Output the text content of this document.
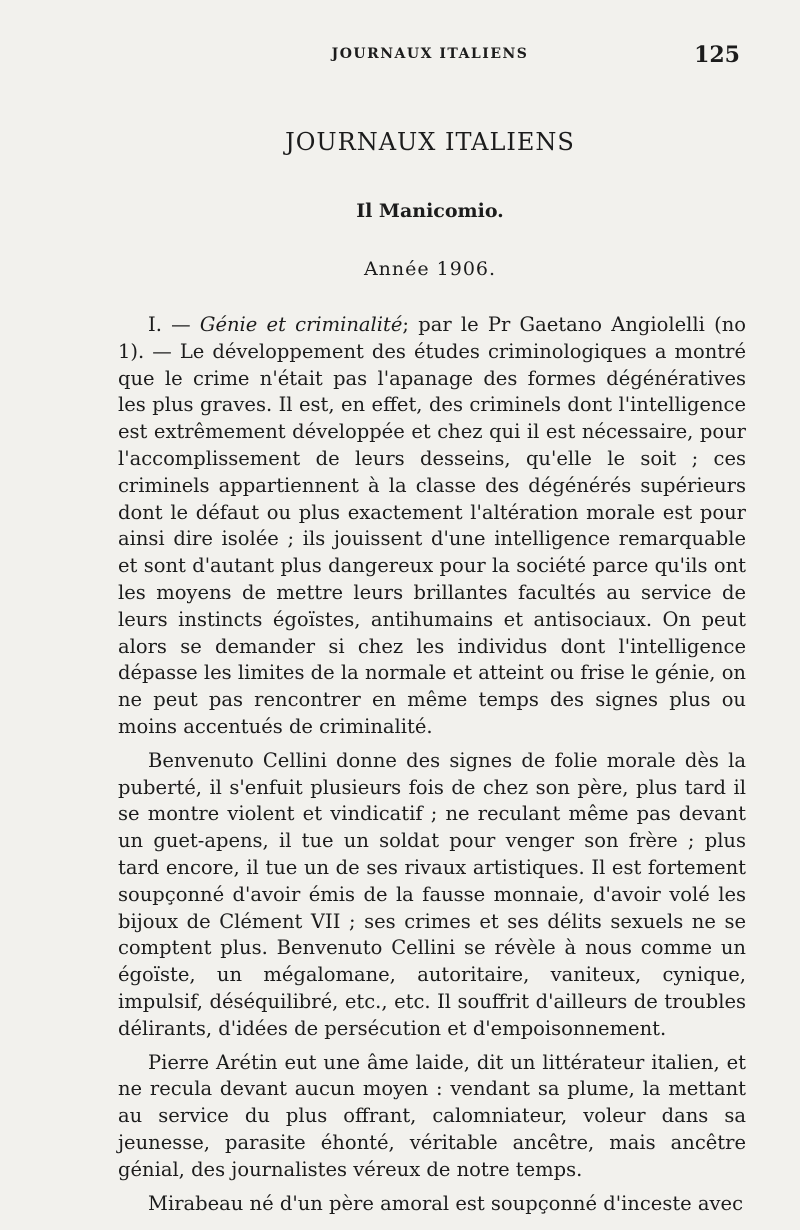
JOURNAUX ITALIENS	125
JOURNAUX ITALIENS
Il Manicomio.
Année 1906.

I. — Génie et criminalité; par le Pr Gaetano Angiolelli (no 1). — Le développement des études criminologiques a montré que le crime n'était pas l'apanage des formes dégénératives les plus graves. Il est, en effet, des criminels dont l'intelligence est extrêmement développée et chez qui il est nécessaire, pour l'accomplissement de leurs desseins, qu'elle le soit ; ces criminels appartiennent à la classe des dégénérés supérieurs dont le défaut ou plus exactement l'altération morale est pour ainsi dire isolée ; ils jouissent d'une intelligence remarquable et sont d'autant plus dangereux pour la société parce qu'ils ont les moyens de mettre leurs brillantes facultés au service de leurs instincts égoïstes, antihumains et antisociaux. On peut alors se demander si chez les individus dont l'intelligence dépasse les limites de la normale et atteint ou frise le génie, on ne peut pas rencontrer en même temps des signes plus ou moins accentués de criminalité.

Benvenuto Cellini donne des signes de folie morale dès la puberté, il s'enfuit plusieurs fois de chez son père, plus tard il se montre violent et vindicatif ; ne reculant même pas devant un guet-apens, il tue un soldat pour venger son frère ; plus tard encore, il tue un de ses rivaux artistiques. Il est fortement soupçonné d'avoir émis de la fausse monnaie, d'avoir volé les bijoux de Clément VII ; ses crimes et ses délits sexuels ne se comptent plus. Benvenuto Cellini se révèle à nous comme un égoïste, un mégalomane, autoritaire, vaniteux, cynique, impulsif, déséquilibré, etc., etc. Il souffrit d'ailleurs de troubles délirants, d'idées de persécution et d'empoisonnement.

Pierre Arétin eut une âme laide, dit un littérateur italien, et ne recula devant aucun moyen : vendant sa plume, la mettant au service du plus offrant, calomniateur, voleur dans sa jeunesse, parasite éhonté, véritable ancêtre, mais ancêtre génial, des journalistes véreux de notre temps.

Mirabeau né d'un père amoral est soupçonné d'inceste avec
